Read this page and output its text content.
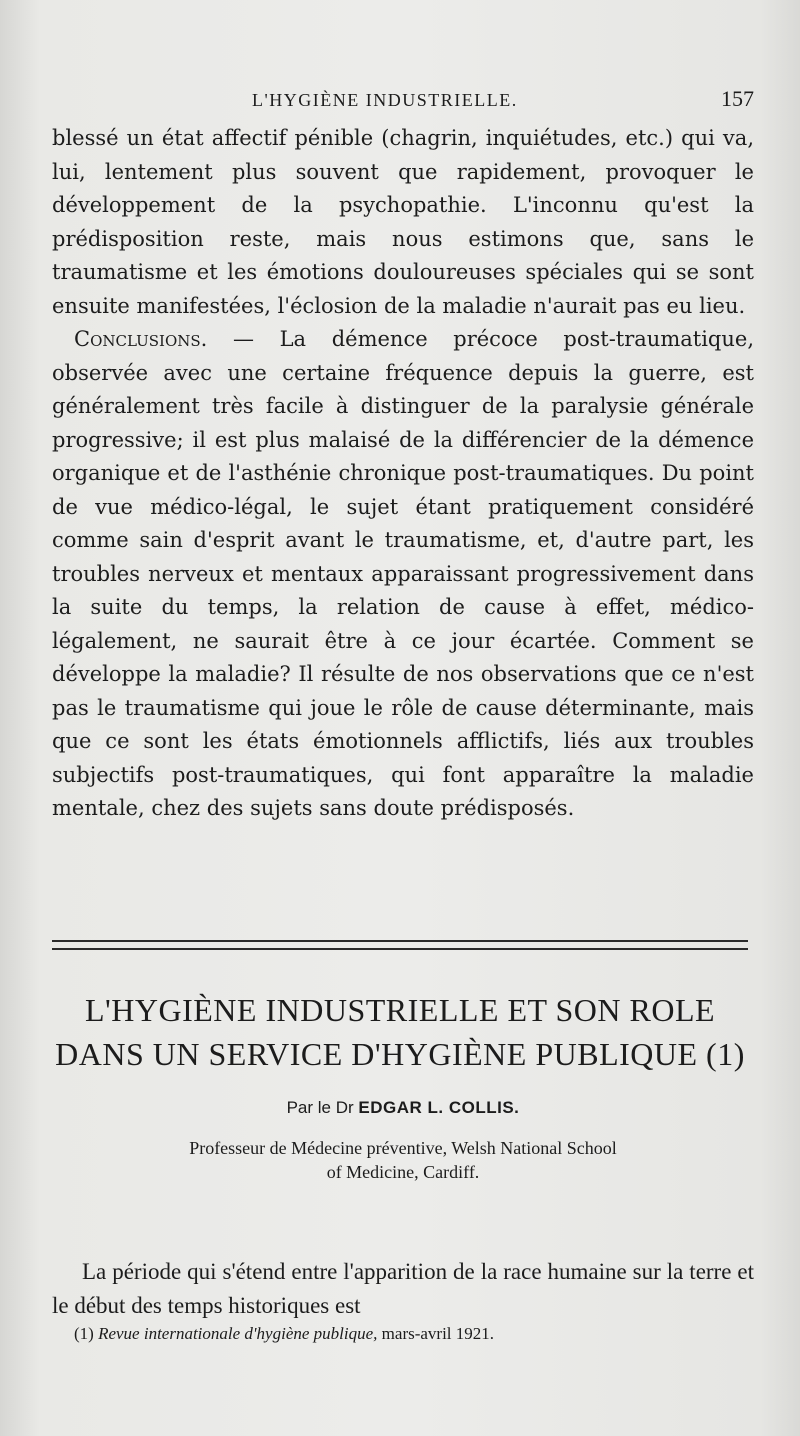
L'HYGIÈNE INDUSTRIELLE.	157

blessé un état affectif pénible (chagrin, inquiétudes, etc.) qui va, lui, lentement plus souvent que rapidement, provoquer le développement de la psychopathie. L'inconnu qu'est la prédisposition reste, mais nous estimons que, sans le traumatisme et les émotions douloureuses spéciales qui se sont ensuite manifestées, l'éclosion de la maladie n'aurait pas eu lieu.

Conclusions. — La démence précoce post-traumatique, observée avec une certaine fréquence depuis la guerre, est généralement très facile à distinguer de la paralysie générale progressive; il est plus malaisé de la différencier de la démence organique et de l'asthénie chronique post-traumatiques. Du point de vue médico-légal, le sujet étant pratiquement considéré comme sain d'esprit avant le traumatisme, et, d'autre part, les troubles nerveux et mentaux apparaissant progressivement dans la suite du temps, la relation de cause à effet, médico-légalement, ne saurait être à ce jour écartée. Comment se développe la maladie? Il résulte de nos observations que ce n'est pas le traumatisme qui joue le rôle de cause déterminante, mais que ce sont les états émotionnels afflictifs, liés aux troubles subjectifs post-traumatiques, qui font apparaître la maladie mentale, chez des sujets sans doute prédisposés.

L'HYGIÈNE INDUSTRIELLE ET SON ROLE
DANS UN SERVICE D'HYGIÈNE PUBLIQUE (1)
Par le Dr EDGAR L. COLLIS.
Professeur de Médecine préventive, Welsh National School
of Medicine, Cardiff.

La période qui s'étend entre l'apparition de la race humaine sur la terre et le début des temps historiques est

(1) Revue internationale d'hygiène publique, mars-avril 1921.
